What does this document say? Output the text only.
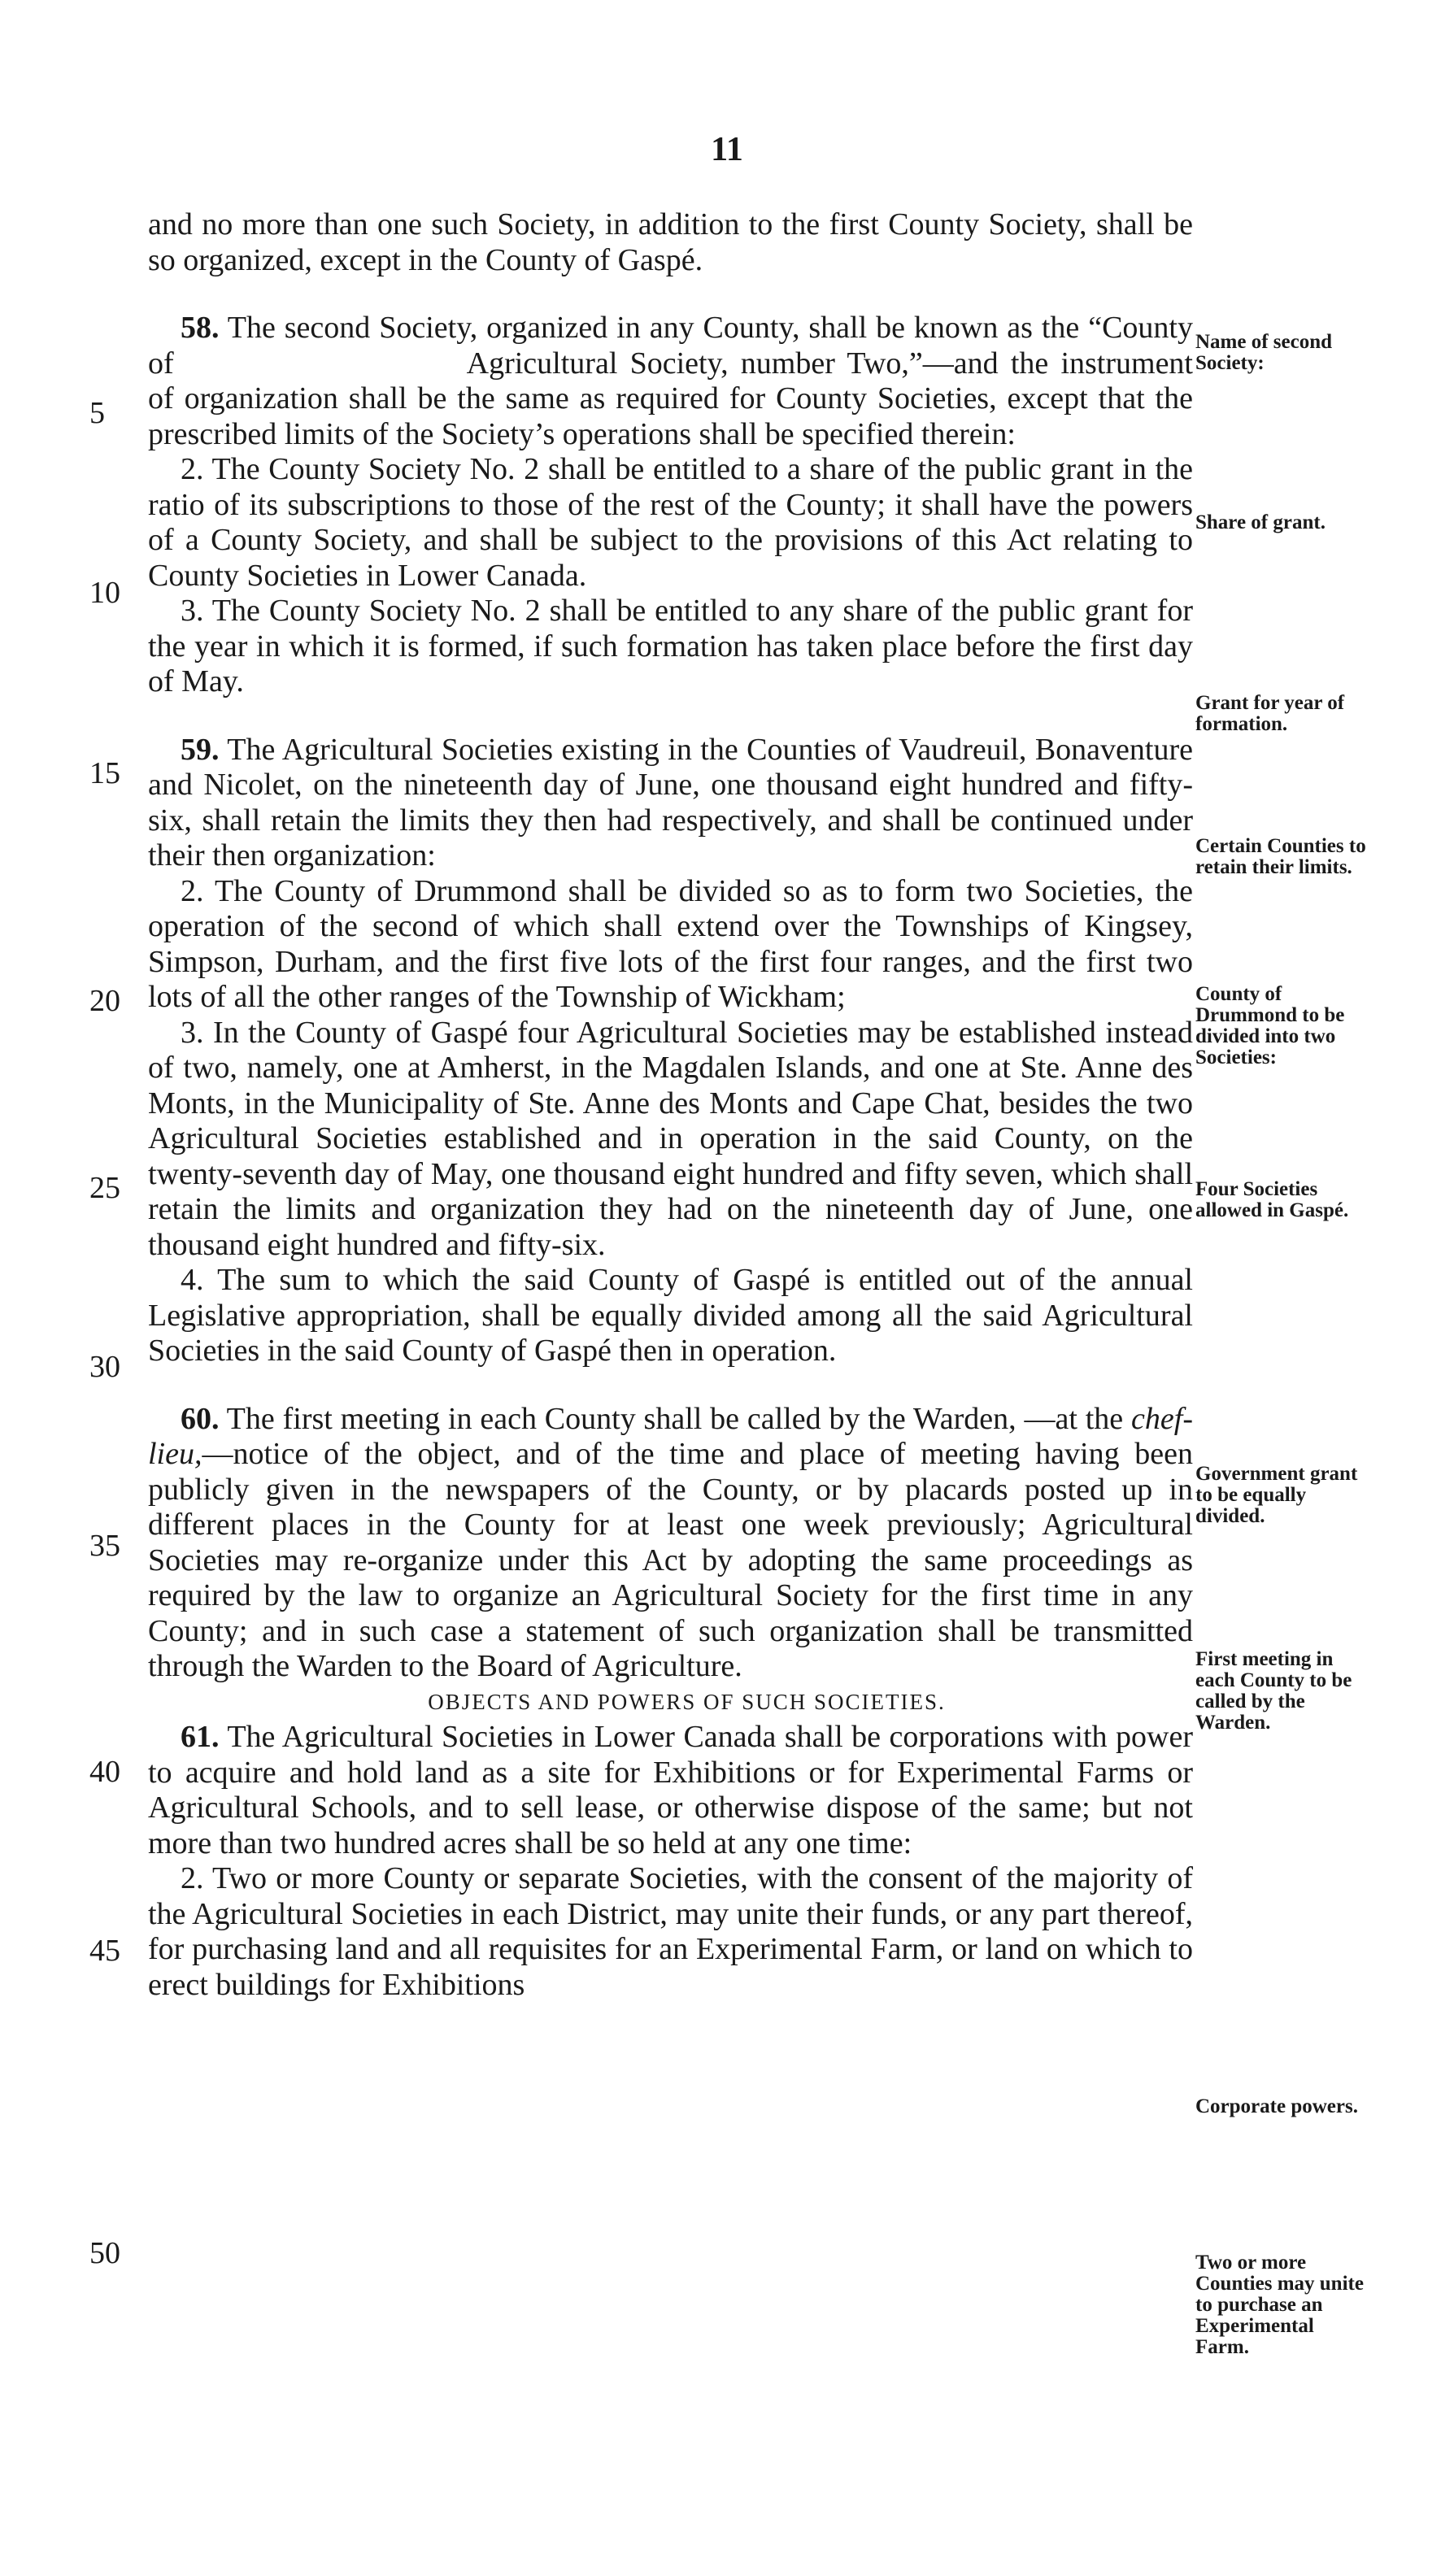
11

and no more than one such Society, in addition to the first County Society, shall be so organized, except in the County of Gaspé.

58. The second Society, organized in any County, shall be known as the “County of	Agricultural Society, number Two,”—and the instrument of organization shall be the same as required for County Societies, except that the prescribed limits of the Society’s operations shall be specified therein:

2. The County Society No. 2 shall be entitled to a share of the public grant in the ratio of its subscriptions to those of the rest of the County; it shall have the powers of a County Society, and shall be subject to the provisions of this Act relating to County Societies in Lower Canada.

3. The County Society No. 2 shall be entitled to any share of the public grant for the year in which it is formed, if such formation has taken place before the first day of May.

59. The Agricultural Societies existing in the Counties of Vaudreuil, Bonaventure and Nicolet, on the nineteenth day of June, one thousand eight hundred and fifty-six, shall retain the limits they then had respectively, and shall be continued under their then organization:

2. The County of Drummond shall be divided so as to form two Societies, the operation of the second of which shall extend over the Townships of Kingsey, Simpson, Durham, and the first five lots of the first four ranges, and the first two lots of all the other ranges of the Township of Wickham;

3. In the County of Gaspé four Agricultural Societies may be established instead of two, namely, one at Amherst, in the Magdalen Islands, and one at Ste. Anne des Monts, in the Municipality of Ste. Anne des Monts and Cape Chat, besides the two Agricultural Societies established and in operation in the said County, on the twenty-seventh day of May, one thousand eight hundred and fifty seven, which shall retain the limits and organization they had on the nineteenth day of June, one thousand eight hundred and fifty-six.

4. The sum to which the said County of Gaspé is entitled out of the annual Legislative appropriation, shall be equally divided among all the said Agricultural Societies in the said County of Gaspé then in operation.

60. The first meeting in each County shall be called by the Warden, —at the chef-lieu,—notice of the object, and of the time and place of meeting having been publicly given in the newspapers of the County, or by placards posted up in different places in the County for at least one week previously; Agricultural Societies may re-organize under this Act by adopting the same proceedings as required by the law to organize an Agricultural Society for the first time in any County; and in such case a statement of such organization shall be transmitted through the Warden to the Board of Agriculture.

OBJECTS AND POWERS OF SUCH SOCIETIES.

61. The Agricultural Societies in Lower Canada shall be corporations with power to acquire and hold land as a site for Exhibitions or for Experimental Farms or Agricultural Schools, and to sell lease, or otherwise dispose of the same; but not more than two hundred acres shall be so held at any one time:

2. Two or more County or separate Societies, with the consent of the majority of the Agricultural Societies in each District, may unite their funds, or any part thereof, for purchasing land and all requisites for an Experimental Farm, or land on which to erect buildings for Exhibitions

Name of second Society:
Share of grant.
Grant for year of formation.
Certain Counties to retain their limits.
County of Drummond to be divided into two Societies:
Four Societies allowed in Gaspé.
Government grant to be equally divided.
First meeting in each County to be called by the Warden.
Corporate powers.
Two or more Counties may unite to purchase an Experimental Farm.
5
10
15
20
25
30
35
40
45
50
